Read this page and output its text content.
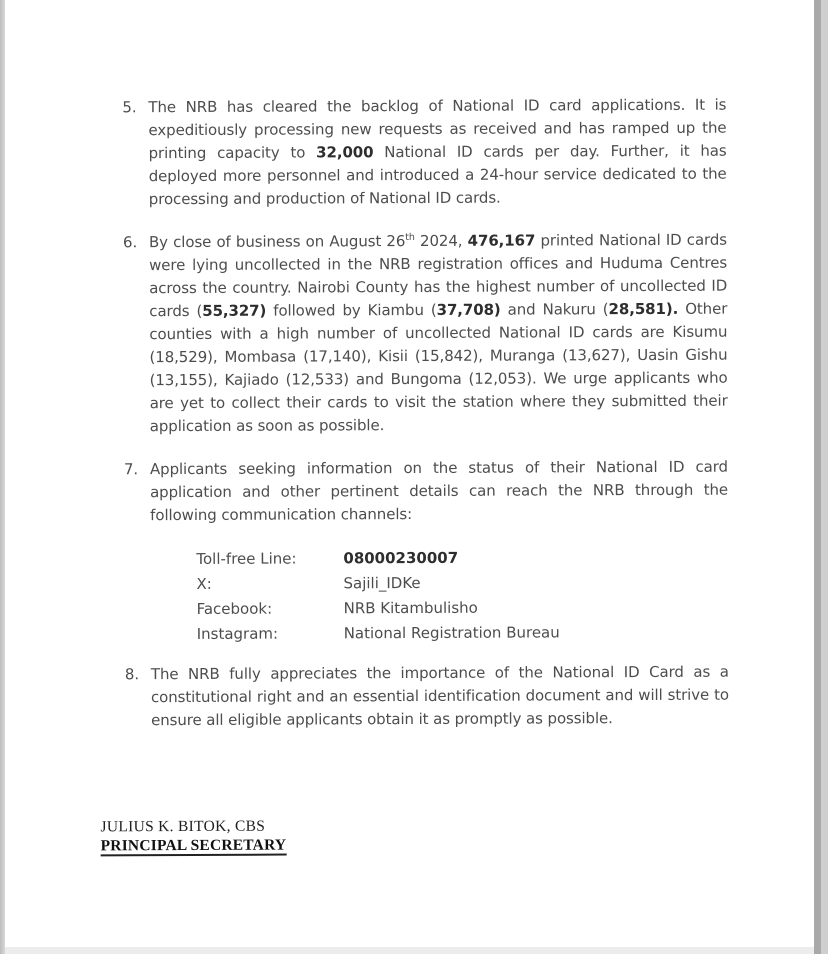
5. The NRB has cleared the backlog of National ID card applications. It is expeditiously processing new requests as received and has ramped up the printing capacity to 32,000 National ID cards per day. Further, it has deployed more personnel and introduced a 24-hour service dedicated to the processing and production of National ID cards.
6. By close of business on August 26th 2024, 476,167 printed National ID cards were lying uncollected in the NRB registration offices and Huduma Centres across the country. Nairobi County has the highest number of uncollected ID cards (55,327) followed by Kiambu (37,708) and Nakuru (28,581). Other counties with a high number of uncollected National ID cards are Kisumu (18,529), Mombasa (17,140), Kisii (15,842), Muranga (13,627), Uasin Gishu (13,155), Kajiado (12,533) and Bungoma (12,053). We urge applicants who are yet to collect their cards to visit the station where they submitted their application as soon as possible.
7. Applicants seeking information on the status of their National ID card application and other pertinent details can reach the NRB through the following communication channels:
Toll-free Line:	08000230007
X:	Sajili_IDKe
Facebook:	NRB Kitambulisho
Instagram:	National Registration Bureau
8. The NRB fully appreciates the importance of the National ID Card as a constitutional right and an essential identification document and will strive to ensure all eligible applicants obtain it as promptly as possible.
JULIUS K. BITOK, CBS
PRINCIPAL SECRETARY
